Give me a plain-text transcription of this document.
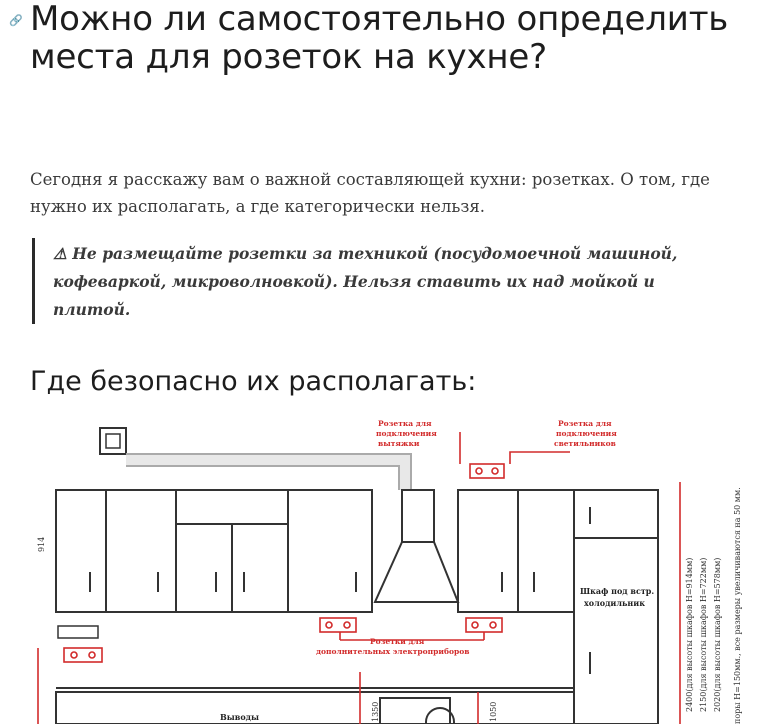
🔗 Можно ли самостоятельно определить места для розеток на кухне?

Сегодня я расскажу вам о важной составляющей кухни: розетках. О том, где нужно их располагать, а где категорически нельзя.

⚠ Не размещайте розетки за техникой (посудомоечной машиной, кофеваркой, микроволновкой). Нельзя ставить их над мойкой и плитой.

Где безопасно их располагать:
Розетка для
подключения
вытяжки
Розетка для
подключения
светильников
Розетки для
дополнительных электроприборов
Шкаф под встр.
холодильник
Выводы
914
2400(для высоты шкафов Н=914мм) 2150(для высоты шкафов Н=722мм) 2020(для высоты шкафов Н=578мм) поры Н=150мм., все размеры увеличиваются на 50 мм.
1350	1050
